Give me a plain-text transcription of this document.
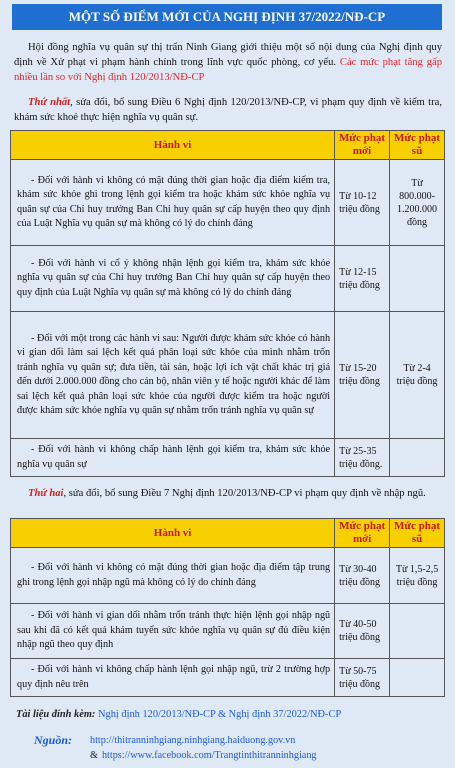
MỘT SỐ ĐIỂM MỚI CỦA NGHỊ ĐỊNH 37/2022/NĐ-CP
Hội đồng nghĩa vụ quân sự thị trấn Ninh Giang giới thiệu một số nội dung của Nghị định quy định về Xử phạt vi phạm hành chính trong lĩnh vực quốc phòng, cơ yếu. Các mức phạt tăng gấp nhiều lần so với Nghị định 120/2013/NĐ-CP
Thứ nhất, sửa đổi, bổ sung Điều 6 Nghị định 120/2013/NĐ-CP, vi phạm quy định về kiểm tra, khám sức khoẻ thực hiện nghĩa vụ quân sự.
Hành vi	Mức phạt mới	Mức phạt sũ
- Đối với hành vi không có mặt đúng thời gian hoặc địa điểm kiểm tra, khám sức khỏe ghi trong lệnh gọi kiểm tra hoặc khám sức khỏe nghĩa vụ quân sự của Chỉ huy trưởng Ban Chỉ huy quân sự cấp huyện theo quy định của Luật Nghĩa vụ quân sự mà không có lý do chính đáng	Từ 10-12 triệu đồng	Từ 800.000-1.200.000 đồng
- Đối với hành vi cố ý không nhận lệnh gọi kiểm tra, khám sức khỏe nghĩa vụ quân sự của Chỉ huy trưởng Ban Chỉ huy quân sự cấp huyện theo quy định của Luật Nghĩa vụ quân sự mà không có lý do chính đáng	Từ 12-15 triệu đồng	
- Đối với một trong các hành vi sau: Người được khám sức khỏe có hành vi gian dối làm sai lệch kết quả phân loại sức khỏe của mình nhằm trốn tránh nghĩa vụ quân sự; đưa tiền, tài sản, hoặc lợi ích vật chất khác trị giá đến dưới 2.000.000 đồng cho cán bộ, nhân viên y tế hoặc người khác để làm sai lệch kết quả phân loại sức khỏe của người được kiểm tra hoặc người được khám sức khỏe nghĩa vụ quân sự nhằm trốn tránh nghĩa vụ quân sự	Từ 15-20 triệu đồng	Từ 2-4 triệu đồng
- Đối với hành vi không chấp hành lệnh gọi kiểm tra, khám sức khỏe nghĩa vụ quân sự	Từ 25-35 triệu đồng.	
Thứ hai, sửa đổi, bổ sung Điều 7 Nghị định 120/2013/NĐ-CP vi phạm quy định về nhập ngũ.
Hành vi	Mức phạt mới	Mức phạt sũ
- Đối với hành vi không có mặt đúng thời gian hoặc địa điểm tập trung ghi trong lệnh gọi nhập ngũ mà không có lý do chính đáng	Từ 30-40 triệu đồng	Từ 1,5-2,5 triệu đồng
- Đối với hành vi gian dối nhằm trốn tránh thực hiện lệnh gọi nhập ngũ sau khi đã có kết quả khám tuyển sức khỏe nghĩa vụ quân sự đủ điều kiện nhập ngũ theo quy định	Từ 40-50 triệu đồng	
- Đối với hành vi không chấp hành lệnh gọi nhập ngũ, trừ 2 trường hợp quy định nêu trên	Từ 50-75 triệu đồng	
Tài liệu đính kèm: Nghị định 120/2013/NĐ-CP & Nghị định 37/2022/NĐ-CP
Nguồn: http://thitranninhgiang.ninhgiang.haiduong.gov.vn
& https://www.facebook.com/Trangtinthitranninhgiang
